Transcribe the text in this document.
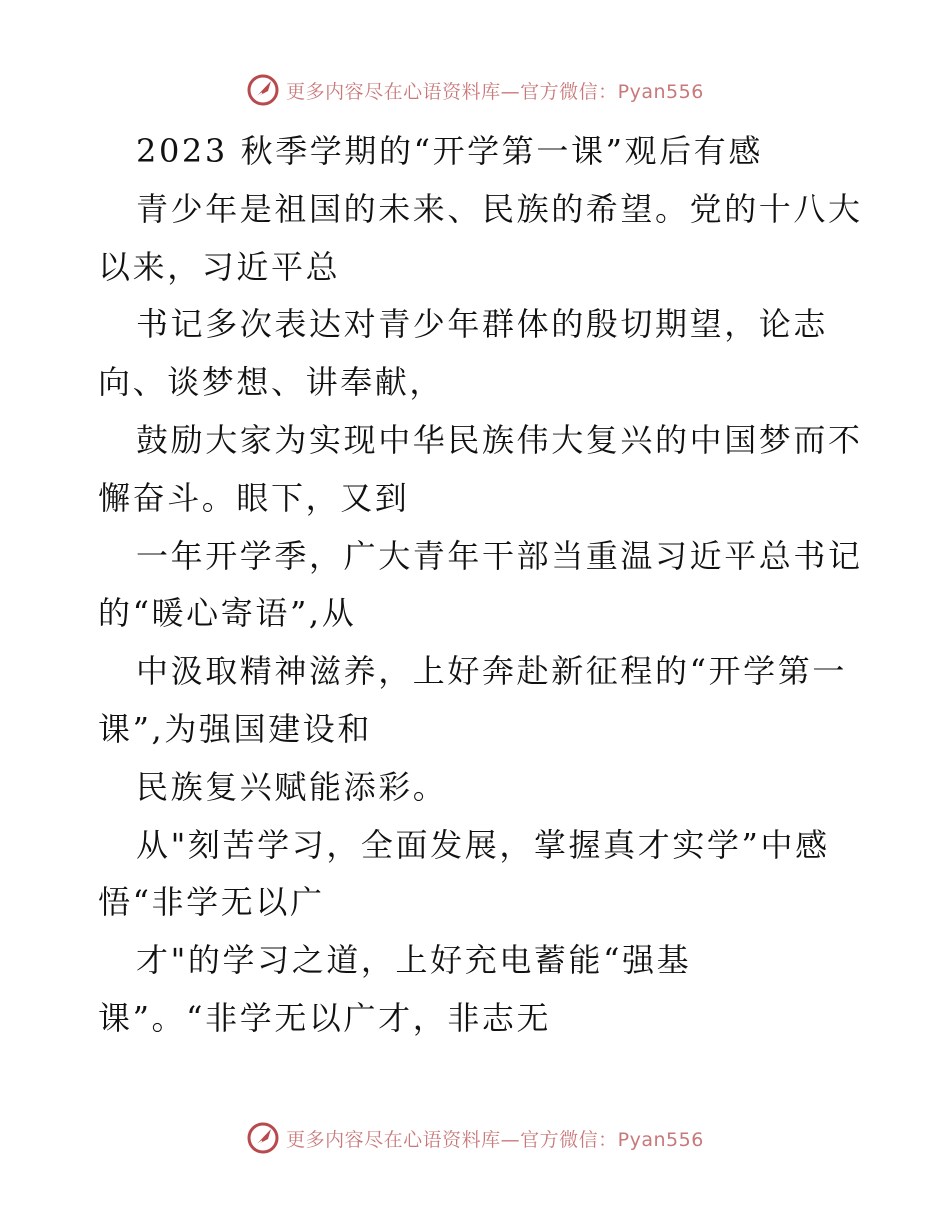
更多内容尽在心语资料库—官方微信：Pyan556
2023 秋季学期的“开学第一课”观后有感
青少年是祖国的未来、民族的希望。党的十八大
以来，习近平总
书记多次表达对青少年群体的殷切期望，论志
向、谈梦想、讲奉献，
鼓励大家为实现中华民族伟大复兴的中国梦而不
懈奋斗。眼下，又到
一年开学季，广大青年干部当重温习近平总书记
的“暖心寄语”,从
中汲取精神滋养，上好奔赴新征程的“开学第一
课”,为强国建设和
民族复兴赋能添彩。
从"刻苦学习，全面发展，掌握真才实学”中感
悟“非学无以广
才"的学习之道，上好充电蓄能“强基
课”。“非学无以广才，非志无
更多内容尽在心语资料库—官方微信：Pyan556
